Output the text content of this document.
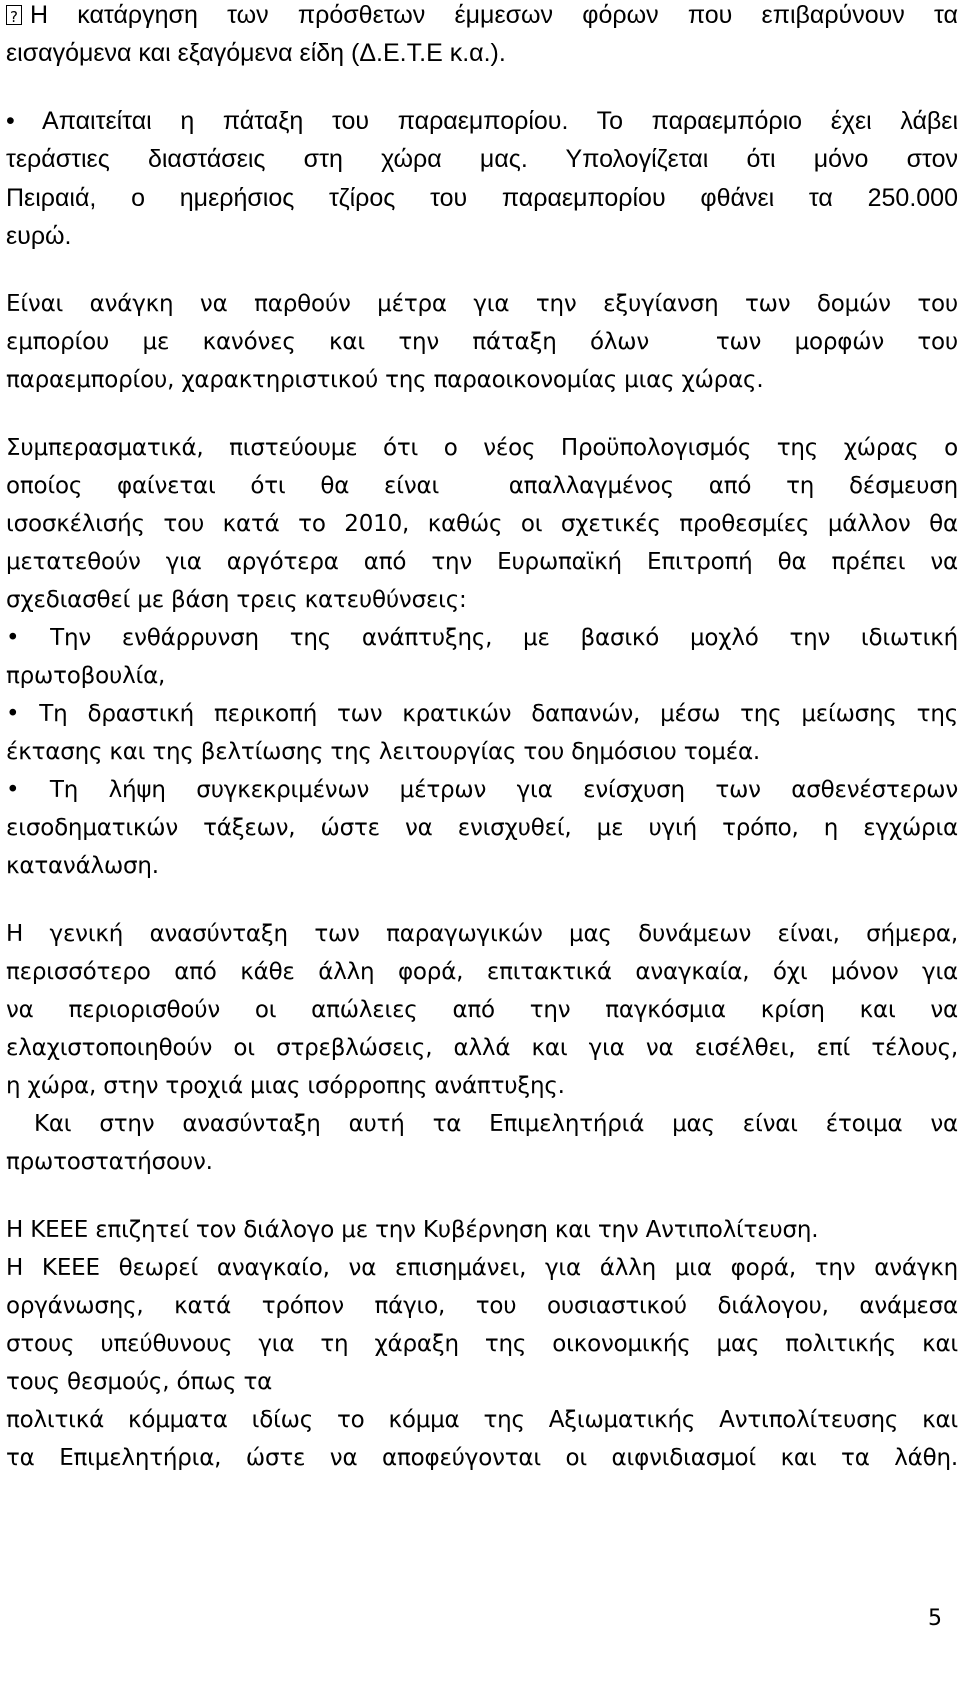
?Η κατάργηση των πρόσθετων έμμεσων φόρων που επιβαρύνουν τα
εισαγόμενα και εξαγόμενα είδη (Δ.Ε.Τ.Ε κ.α.).
• Απαιτείται η πάταξη του παραεμπορίου. Το παραεμπόριο έχει λάβει
τεράστιες διαστάσεις στη χώρα μας. Υπολογίζεται ότι μόνο στον
Πειραιά, ο ημερήσιος τζίρος του παραεμπορίου φθάνει τα 250.000
ευρώ.
Είναι ανάγκη να παρθούν μέτρα για την εξυγίανση των δομών του
εμπορίου με κανόνες και την πάταξη όλων  των μορφών του
παραεμπορίου, χαρακτηριστικού της παραοικονομίας μιας χώρας.
Συμπερασματικά, πιστεύουμε ότι ο νέος Προϋπολογισμός της χώρας ο
οποίος φαίνεται ότι θα είναι  απαλλαγμένος από τη δέσμευση
ισοσκέλισής του κατά το 2010, καθώς οι σχετικές προθεσμίες μάλλον θα
μετατεθούν για αργότερα από την Ευρωπαϊκή Επιτροπή θα πρέπει να
σχεδιασθεί με βάση τρεις κατευθύνσεις:
• Την ενθάρρυνση της ανάπτυξης, με βασικό μοχλό την ιδιωτική
πρωτοβουλία,
• Τη δραστική περικοπή των κρατικών δαπανών, μέσω της μείωσης της
έκτασης και της βελτίωσης της λειτουργίας του δημόσιου τομέα.
• Τη λήψη συγκεκριμένων μέτρων για ενίσχυση των ασθενέστερων
εισοδηματικών τάξεων, ώστε να ενισχυθεί, με υγιή τρόπο, η εγχώρια
κατανάλωση.
Η γενική ανασύνταξη των παραγωγικών μας δυνάμεων είναι, σήμερα,
περισσότερο από κάθε άλλη φορά, επιτακτικά αναγκαία, όχι μόνον για
να περιορισθούν οι απώλειες από την παγκόσμια κρίση και να
ελαχιστοποιηθούν οι στρεβλώσεις, αλλά και για να εισέλθει, επί τέλους,
η χώρα, στην τροχιά μιας ισόρροπης ανάπτυξης.
Και στην ανασύνταξη αυτή τα Επιμελητήριά μας είναι έτοιμα να
πρωτοστατήσουν.
Η ΚΕΕΕ επιζητεί τον διάλογο με την Κυβέρνηση και την Αντιπολίτευση.
Η ΚΕΕΕ θεωρεί αναγκαίο, να επισημάνει, για άλλη μια φορά, την ανάγκη
οργάνωσης, κατά τρόπον πάγιο, του ουσιαστικού διάλογου, ανάμεσα
στους υπεύθυνους για τη χάραξη της οικονομικής μας πολιτικής και
τους θεσμούς, όπως τα
πολιτικά κόμματα ιδίως το κόμμα της Αξιωματικής Αντιπολίτευσης και
τα Επιμελητήρια, ώστε να αποφεύγονται οι αιφνιδιασμοί και τα λάθη.
5
